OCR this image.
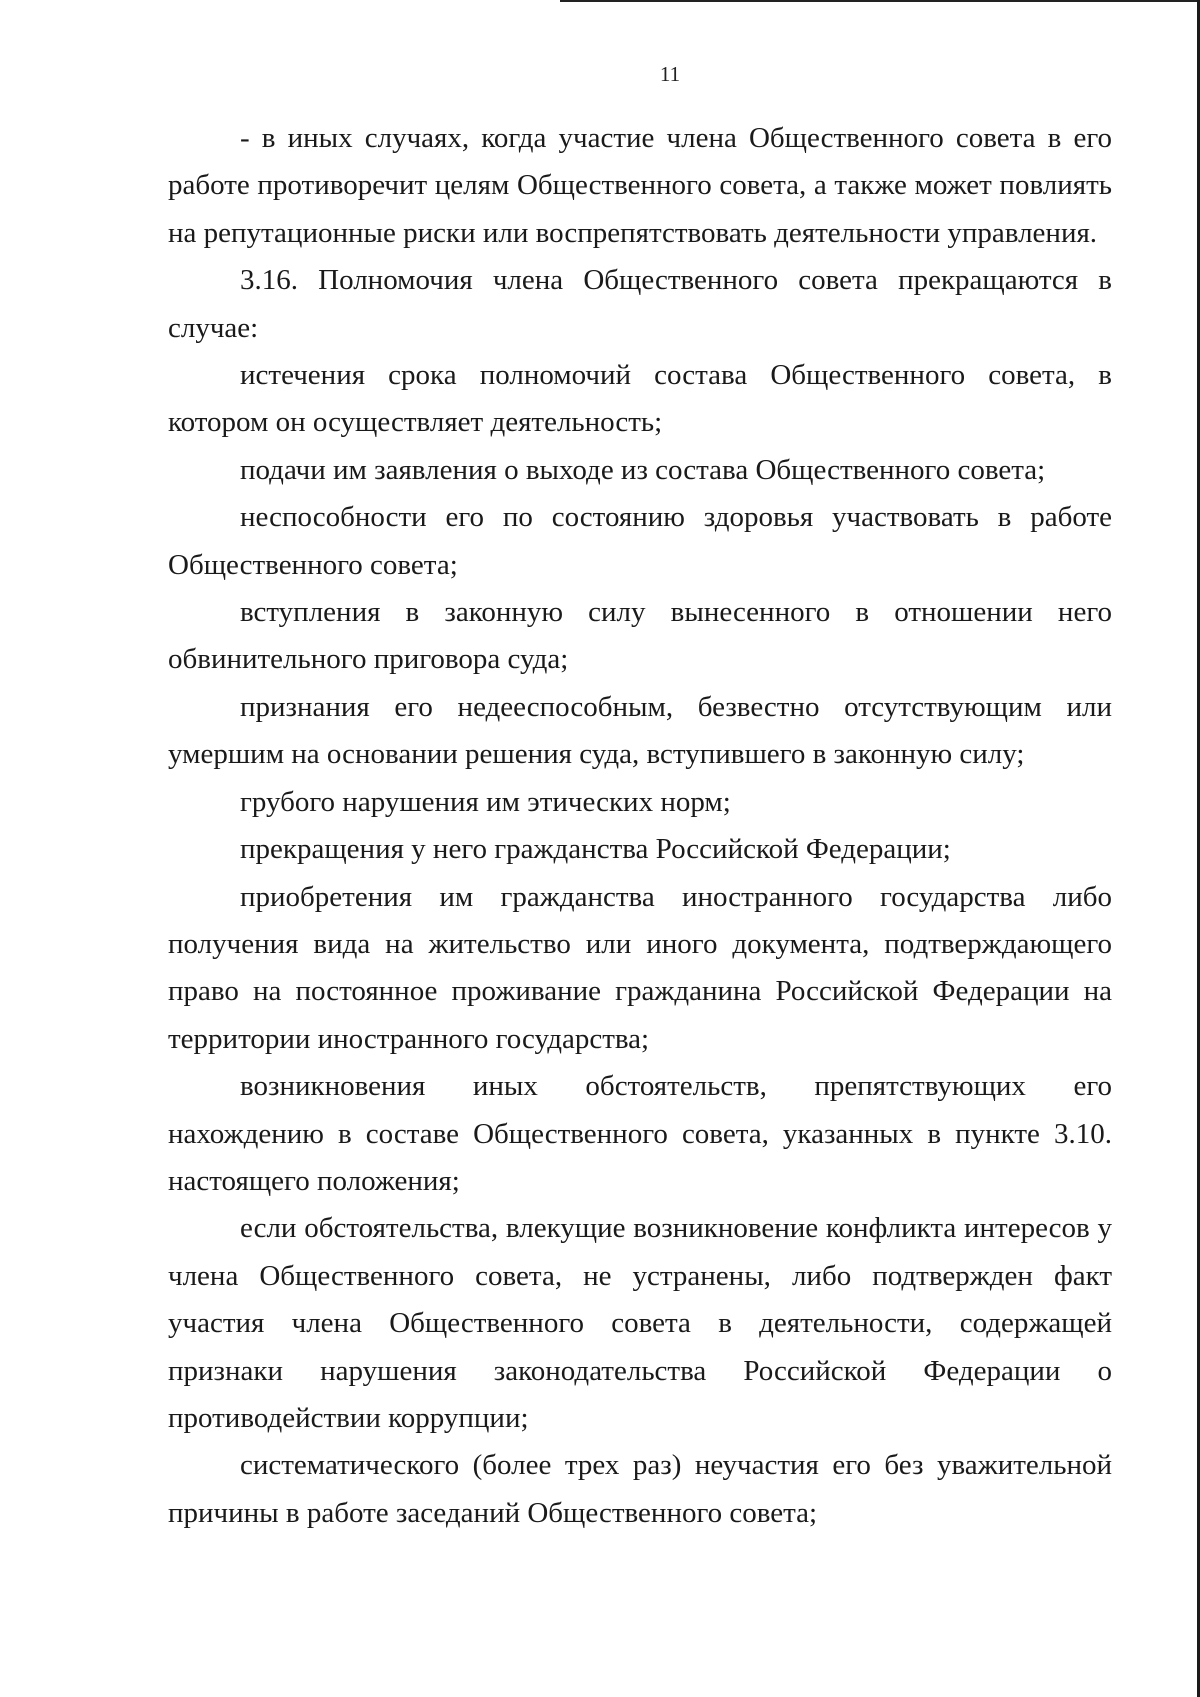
11

- в иных случаях, когда участие члена Общественного совета в его работе противоречит целям Общественного совета, а также может повлиять на репутационные риски или воспрепятствовать деятельности управления.

3.16. Полномочия члена Общественного совета прекращаются в случае:

истечения срока полномочий состава Общественного совета, в котором он осуществляет деятельность;

подачи им заявления о выходе из состава Общественного совета;

неспособности его по состоянию здоровья участвовать в работе Общественного совета;

вступления в законную силу вынесенного в отношении него обвинительного приговора суда;

признания его недееспособным, безвестно отсутствующим или умершим на основании решения суда, вступившего в законную силу;

грубого нарушения им этических норм;

прекращения у него гражданства Российской Федерации;

приобретения им гражданства иностранного государства либо получения вида на жительство или иного документа, подтверждающего право на постоянное проживание гражданина Российской Федерации на территории иностранного государства;

возникновения иных обстоятельств, препятствующих его нахождению в составе Общественного совета, указанных в пункте 3.10. настоящего положения;

если обстоятельства, влекущие возникновение конфликта интересов у члена Общественного совета, не устранены, либо подтвержден факт участия члена Общественного совета в деятельности, содержащей признаки нарушения законодательства Российской Федерации о противодействии коррупции;

систематического (более трех раз) неучастия его без уважительной причины в работе заседаний Общественного совета;
